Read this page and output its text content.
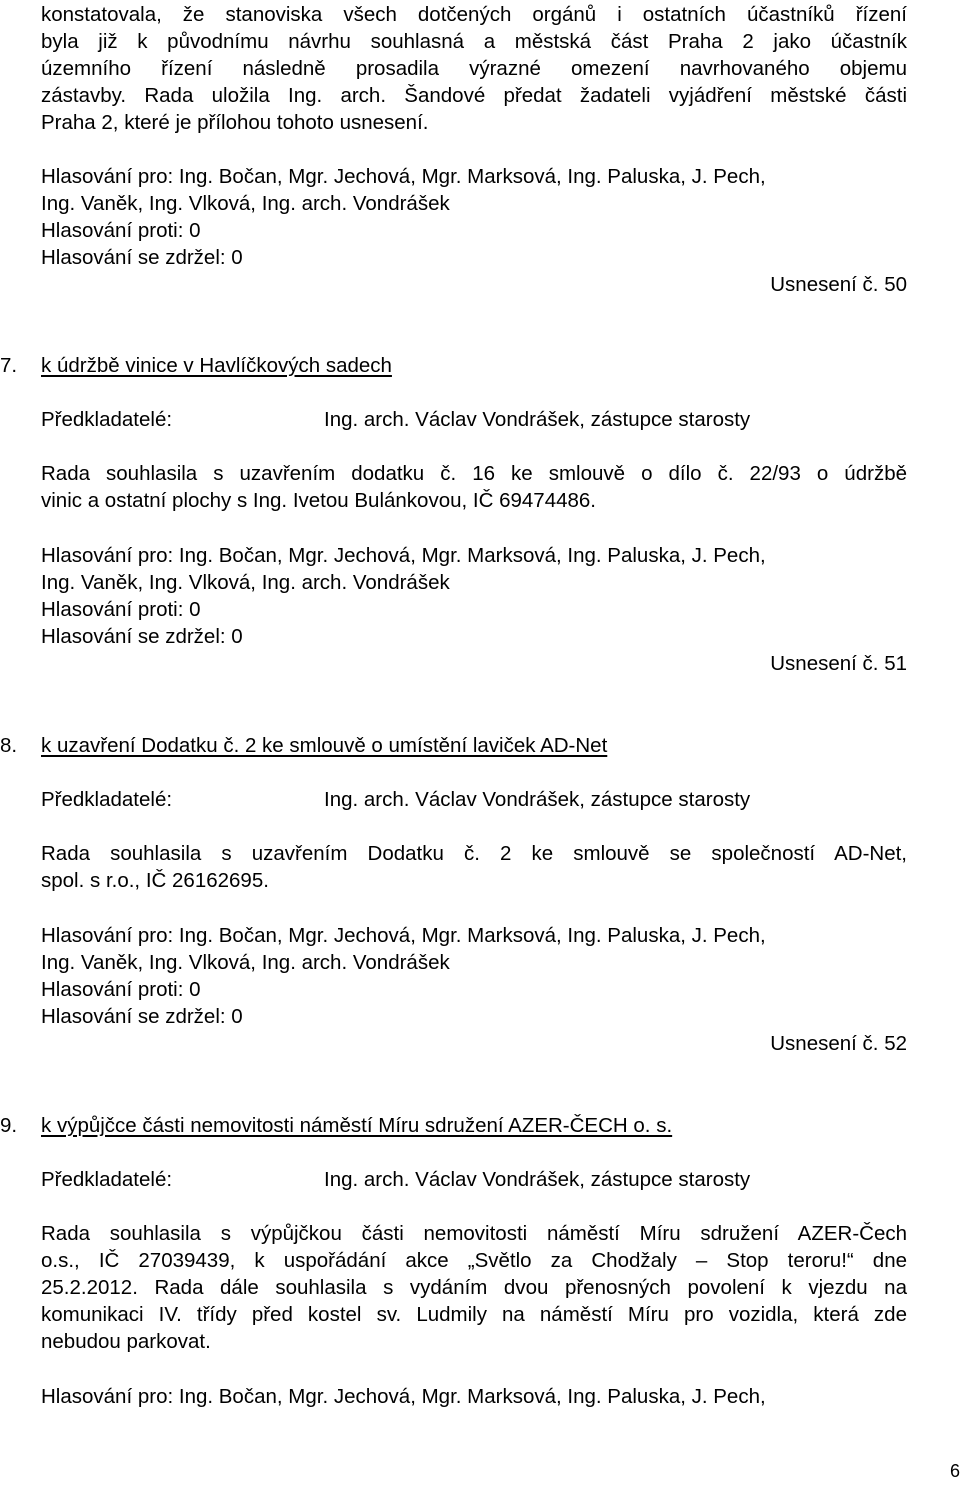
konstatovala, že stanoviska všech dotčených orgánů i ostatních účastníků řízení
byla již k původnímu návrhu souhlasná a městská část Praha 2 jako účastník
územního řízení následně prosadila výrazné omezení navrhovaného objemu
zástavby. Rada uložila Ing. arch. Šandové předat žadateli vyjádření městské části
Praha 2, které je přílohou tohoto usnesení.
Hlasování pro: Ing. Bočan, Mgr. Jechová, Mgr. Marksová, Ing. Paluska, J. Pech,
Ing. Vaněk, Ing. Vlková, Ing. arch. Vondrášek
Hlasování proti: 0
Hlasování se zdržel: 0
Usnesení č. 50
7. k údržbě vinice v Havlíčkových sadech
Předkladatelé:	Ing. arch. Václav Vondrášek, zástupce starosty
Rada souhlasila s uzavřením dodatku č. 16 ke smlouvě o dílo č. 22/93 o údržbě
vinic a ostatní plochy s Ing. Ivetou Bulánkovou, IČ 69474486.
Hlasování pro: Ing. Bočan, Mgr. Jechová, Mgr. Marksová, Ing. Paluska, J. Pech,
Ing. Vaněk, Ing. Vlková, Ing. arch. Vondrášek
Hlasování proti: 0
Hlasování se zdržel: 0
Usnesení č. 51
8. k uzavření Dodatku č. 2 ke smlouvě o umístění laviček AD-Net
Předkladatelé:	Ing. arch. Václav Vondrášek, zástupce starosty
Rada souhlasila s uzavřením Dodatku č. 2 ke smlouvě se společností AD-Net,
spol. s r.o., IČ 26162695.
Hlasování pro: Ing. Bočan, Mgr. Jechová, Mgr. Marksová, Ing. Paluska, J. Pech,
Ing. Vaněk, Ing. Vlková, Ing. arch. Vondrášek
Hlasování proti: 0
Hlasování se zdržel: 0
Usnesení č. 52
9. k výpůjčce části nemovitosti náměstí Míru sdružení AZER-ČECH o. s.
Předkladatelé:	Ing. arch. Václav Vondrášek, zástupce starosty
Rada souhlasila s výpůjčkou části nemovitosti náměstí Míru sdružení AZER-Čech
o.s., IČ 27039439, k uspořádání akce „Světlo za Chodžaly – Stop teroru!“ dne
25.2.2012. Rada dále souhlasila s vydáním dvou přenosných povolení k vjezdu na
komunikaci IV. třídy před kostel sv. Ludmily na náměstí Míru pro vozidla, která zde
nebudou parkovat.
Hlasování pro: Ing. Bočan, Mgr. Jechová, Mgr. Marksová, Ing. Paluska, J. Pech,
6
